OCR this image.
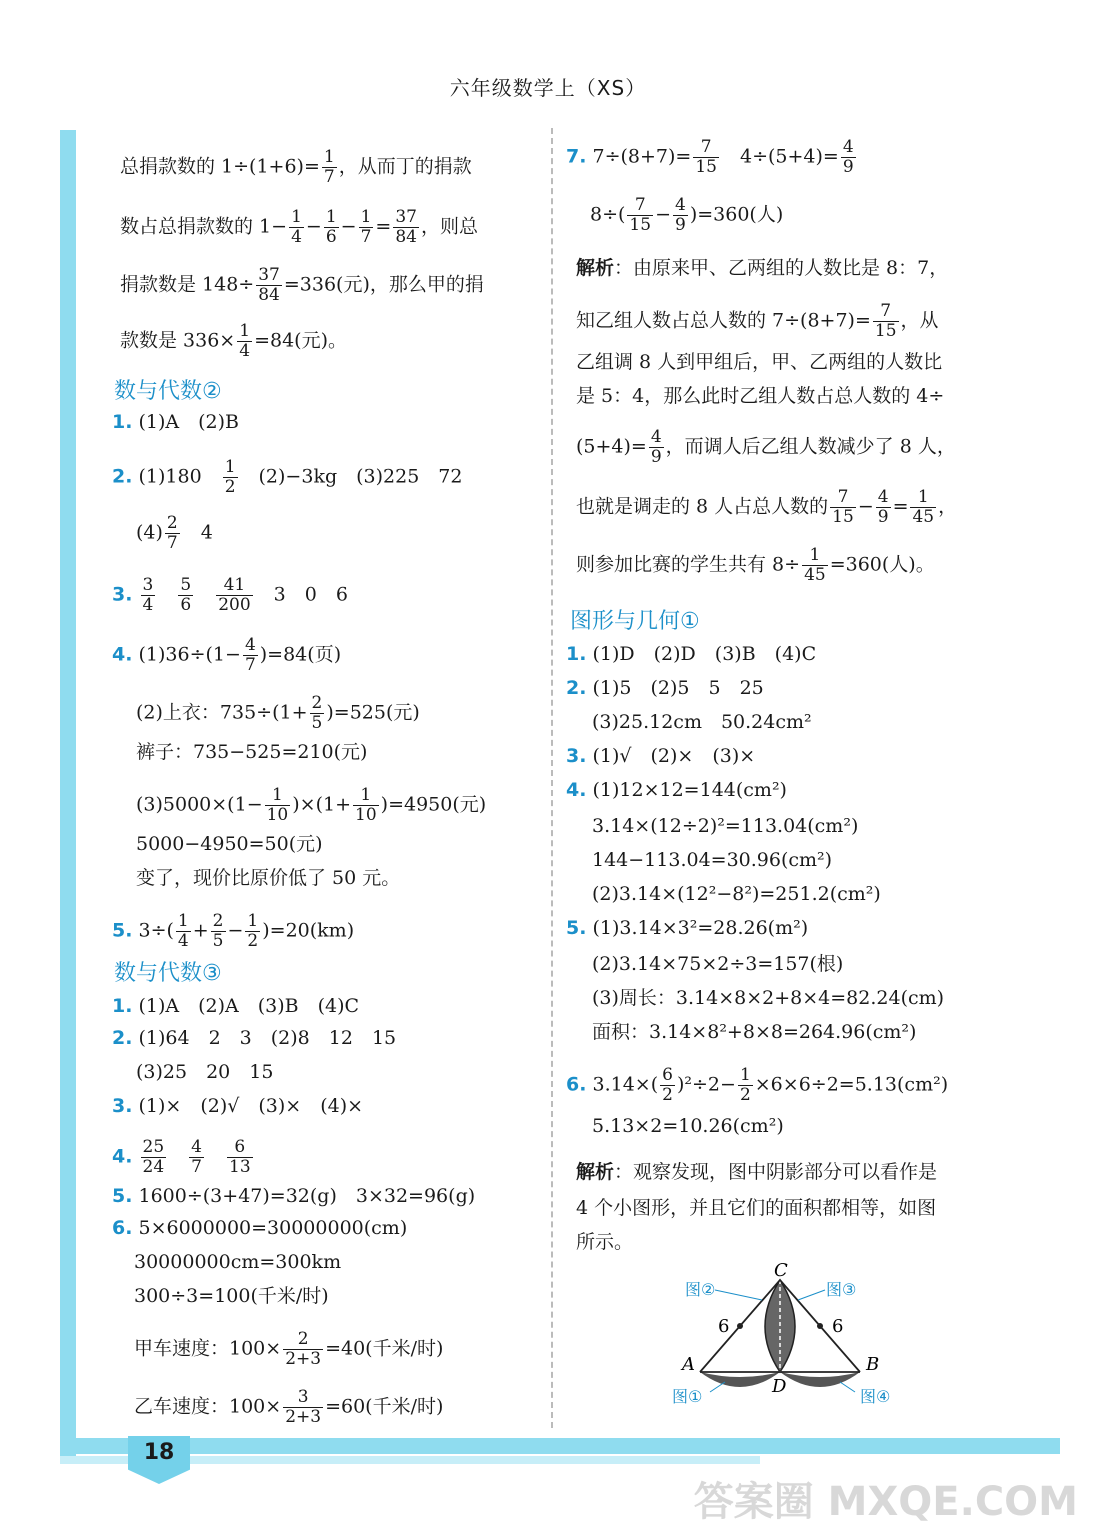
六年级数学上（XS）
18
答案圈 MXQE.COM
总捐款数的 $1\div(1+6)= \frac{1}{7}$ ，从而丁的捐款
数占总捐款数的 $1- \frac{1}{4} - \frac{1}{6} - \frac{1}{7} = \frac{37}{84}$ ，则总
捐款数是 $148\div \frac{37}{84} =336$(元)，那么甲的捐
款数是 $336\times \frac{1}{4} =84$(元)。
数与代数②
1. (1)A　(2)B
2. (1)180　 $\frac{1}{2}$ 　(2)−3kg　(3)225　72
$(4) \frac{2}{7}$ 　4
3. $\frac{3}{4}$
　 $\frac{5}{6}$
　 $\frac{41}{200}$ 　3　0　6
4. $(1)36\div(1- \frac{4}{7} )=84$(页)
(2)上衣：$735\div(1+ \frac{2}{5} )=525$(元)
裤子：735−525=210(元)
$(3)5000\times(1- \frac{1}{10} )\times(1+ \frac{1}{10} )=4950$(元)
5000−4950=50(元)
变了，现价比原价低了 50 元。
5. $3\div( \frac{1}{4} + \frac{2}{5} - \frac{1}{2} )=20(km)$
数与代数③
1. (1)A　(2)A　(3)B　(4)C
2. (1)64　2　3　(2)8　12　15
(3)25　20　15
3. (1)×　(2)√　(3)×　(4)×
4. $\frac{25}{24}$
　 $\frac{4}{7}$
　 $\frac{6}{13}$
5. 1600÷(3+47)=32(g)　3×32=96(g)
6. 5×6000000=30000000(cm)
30000000cm=300km
300÷3=100(千米/时)
甲车速度：$100\times \frac{2}{2+3} =40$(千米/时)
乙车速度：$100\times \frac{3}{2+3} =60$(千米/时)
7. $7\div(8+7)= \frac{7}{15}$ 　$4\div(5+4)= \frac{4}{9}$
$8\div( \frac{7}{15} - \frac{4}{9} )=360$(人)
解析：由原来甲、乙两组的人数比是 8：7，
知乙组人数占总人数的 $7\div(8+7)= \frac{7}{15}$ ，从
乙组调 8 人到甲组后，甲、乙两组的人数比
是 5：4，那么此时乙组人数占总人数的 4÷
$(5+4)= \frac{4}{9}$ ，而调人后乙组人数减少了 8 人，
也就是调走的 8 人占总人数的 $\frac{7}{15} - \frac{4}{9} = \frac{1}{45}$ ，
则参加比赛的学生共有 $8\div \frac{1}{45} =360$(人)。
图形与几何①
1. (1)D　(2)D　(3)B　(4)C
2. (1)5　(2)5　5　25
(3)25.12cm　50.24cm²
3. (1)√　(2)×　(3)×
4. (1)12×12=144(cm²)
3.14×(12÷2)²=113.04(cm²)
144−113.04=30.96(cm²)
(2)3.14×(12²−8²)=251.2(cm²)
5. (1)3.14×3²=28.26(m²)
(2)3.14×75×2÷3=157(根)
(3)周长：3.14×8×2+8×4=82.24(cm)
面积：3.14×8²+8×8=264.96(cm²)
6. $3.14\times( \frac{6}{2} )^2\div 2- \frac{1}{2} \times 6\times 6\div 2=5.13(cm^2)$
5.13×2=10.26(cm²)
解析：观察发现，图中阴影部分可以看作是
4 个小图形，并且它们的面积都相等，如图
所示。
C
A	B
D
6	6
图②	图③
图①	图④
